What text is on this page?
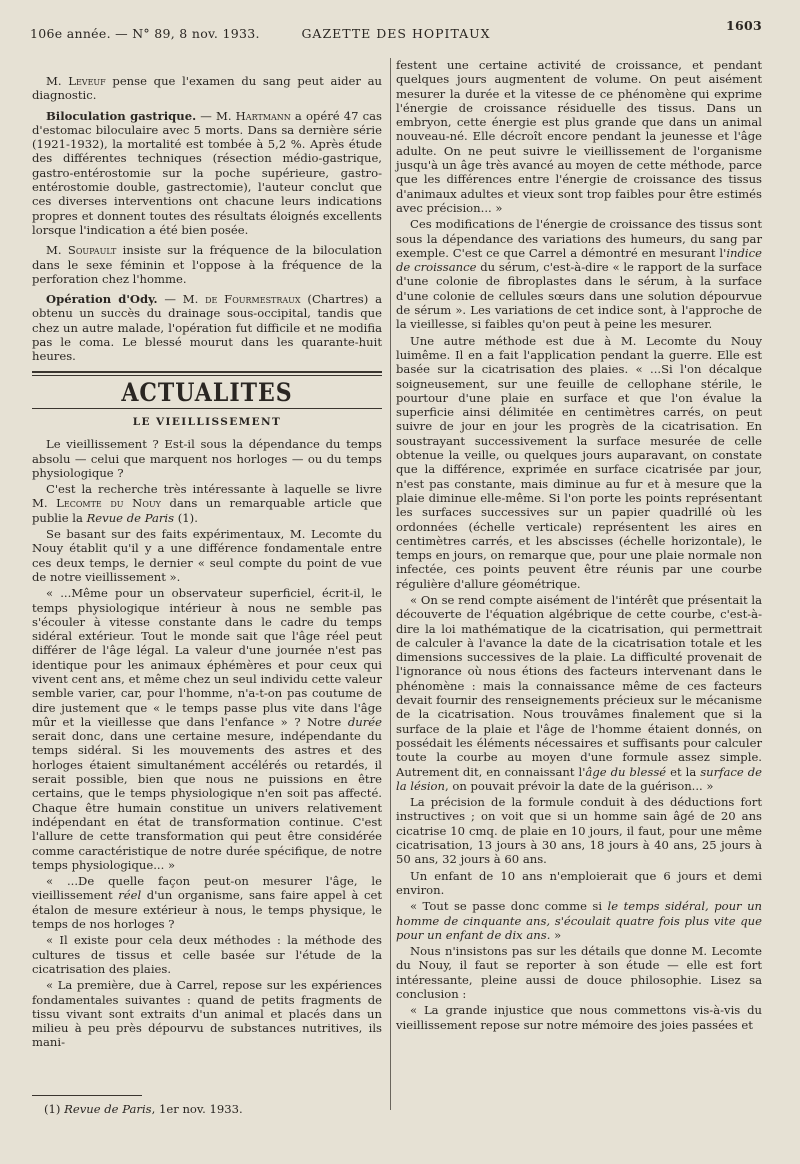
106e année. — N° 89, 8 nov. 1933.	GAZETTE DES HOPITAUX
1603

M. Leveuf pense que l'examen du sang peut aider au diagnostic.

Biloculation gastrique. — M. Hartmann a opéré 47 cas d'estomac biloculaire avec 5 morts. Dans sa dernière série (1921-1932), la mortalité est tombée à 5,2 %. Après étude des différentes techniques (résection médio-gastrique, gastro-entérostomie sur la poche supérieure, gastro-entérostomie double, gastrectomie), l'auteur conclut que ces diverses interventions ont chacune leurs indications propres et donnent toutes des résultats éloignés excellents lorsque l'indication a été bien posée.

M. Soupault insiste sur la fréquence de la biloculation dans le sexe féminin et l'oppose à la fréquence de la perforation chez l'homme.

Opération d'Ody. — M. de Fourmestraux (Chartres) a obtenu un succès du drainage sous-occipital, tandis que chez un autre malade, l'opération fut difficile et ne modifia pas le coma. Le blessé mourut dans les quarante-huit heures.

ACTUALITES
LE VIEILLISSEMENT

Le vieillissement ? Est-il sous la dépendance du temps absolu — celui que marquent nos horloges — ou du temps physiologique ?

C'est la recherche très intéressante à laquelle se livre M. Lecomte du Nouy dans un remarquable article que publie la Revue de Paris (1).

Se basant sur des faits expérimentaux, M. Lecomte du Nouy établit qu'il y a une différence fondamentale entre ces deux temps, le dernier « seul compte du point de vue de notre vieillissement ».

« ...Même pour un observateur superficiel, écrit-il, le temps physiologique intérieur à nous ne semble pas s'écouler à vitesse constante dans le cadre du temps sidéral extérieur. Tout le monde sait que l'âge réel peut différer de l'âge légal. La valeur d'une journée n'est pas identique pour les animaux éphémères et pour ceux qui vivent cent ans, et même chez un seul individu cette valeur semble varier, car, pour l'homme, n'a-t-on pas coutume de dire justement que « le temps passe plus vite dans l'âge mûr et la vieillesse que dans l'enfance » ? Notre durée serait donc, dans une certaine mesure, indépendante du temps sidéral. Si les mouvements des astres et des horloges étaient simultanément accélérés ou retardés, il serait possible, bien que nous ne puissions en être certains, que le temps physiologique n'en soit pas affecté. Chaque être humain constitue un univers relativement indépendant en état de transformation continue. C'est l'allure de cette transformation qui peut être considérée comme caractéristique de notre durée spécifique, de notre temps physiologique... »

« ...De quelle façon peut-on mesurer l'âge, le vieillissement réel d'un organisme, sans faire appel à cet étalon de mesure extérieur à nous, le temps physique, le temps de nos horloges ?

« Il existe pour cela deux méthodes : la méthode des cultures de tissus et celle basée sur l'étude de la cicatrisation des plaies.

« La première, due à Carrel, repose sur les expériences fondamentales suivantes : quand de petits fragments de tissu vivant sont extraits d'un animal et placés dans un milieu à peu près dépourvu de substances nutritives, ils mani-

festent une certaine activité de croissance, et pendant quelques jours augmentent de volume. On peut aisément mesurer la durée et la vitesse de ce phénomène qui exprime l'énergie de croissance résiduelle des tissus. Dans un embryon, cette énergie est plus grande que dans un animal nouveau-né. Elle décroît encore pendant la jeunesse et l'âge adulte. On ne peut suivre le vieillissement de l'organisme jusqu'à un âge très avancé au moyen de cette méthode, parce que les différences entre l'énergie de croissance des tissus d'animaux adultes et vieux sont trop faibles pour être estimés avec précision... »

Ces modifications de l'énergie de croissance des tissus sont sous la dépendance des variations des humeurs, du sang par exemple. C'est ce que Carrel a démontré en mesurant l'indice de croissance du sérum, c'est-à-dire « le rapport de la surface d'une colonie de fibroplastes dans le sérum, à la surface d'une colonie de cellules sœurs dans une solution dépourvue de sérum ». Les variations de cet indice sont, à l'approche de la vieillesse, si faibles qu'on peut à peine les mesurer.

Une autre méthode est due à M. Lecomte du Nouy luimême. Il en a fait l'application pendant la guerre. Elle est basée sur la cicatrisation des plaies. « ...Si l'on décalque soigneusement, sur une feuille de cellophane stérile, le pourtour d'une plaie en surface et que l'on évalue la superficie ainsi délimitée en centimètres carrés, on peut suivre de jour en jour les progrès de la cicatrisation. En soustrayant successivement la surface mesurée de celle obtenue la veille, ou quelques jours auparavant, on constate que la différence, exprimée en surface cicatrisée par jour, n'est pas constante, mais diminue au fur et à mesure que la plaie diminue elle-même. Si l'on porte les points représentant les surfaces successives sur un papier quadrillé où les ordonnées (échelle verticale) représentent les aires en centimètres carrés, et les abscisses (échelle horizontale), le temps en jours, on remarque que, pour une plaie normale non infectée, ces points peuvent être réunis par une courbe régulière d'allure géométrique.

« On se rend compte aisément de l'intérêt que présentait la découverte de l'équation algébrique de cette courbe, c'est-à-dire la loi mathématique de la cicatrisation, qui permettrait de calculer à l'avance la date de la cicatrisation totale et les dimensions successives de la plaie. La difficulté provenait de l'ignorance où nous étions des facteurs intervenant dans le phénomène : mais la connaissance même de ces facteurs devait fournir des renseignements précieux sur le mécanisme de la cicatrisation. Nous trouvâmes finalement que si la surface de la plaie et l'âge de l'homme étaient donnés, on possédait les éléments nécessaires et suffisants pour calculer toute la courbe au moyen d'une formule assez simple. Autrement dit, en connaissant l'âge du blessé et la surface de la lésion, on pouvait prévoir la date de la guérison... »

La précision de la formule conduit à des déductions fort instructives ; on voit que si un homme sain âgé de 20 ans cicatrise 10 cmq. de plaie en 10 jours, il faut, pour une même cicatrisation, 13 jours à 30 ans, 18 jours à 40 ans, 25 jours à 50 ans, 32 jours à 60 ans.

Un enfant de 10 ans n'emploierait que 6 jours et demi environ.

« Tout se passe donc comme si le temps sidéral, pour un homme de cinquante ans, s'écoulait quatre fois plus vite que pour un enfant de dix ans. »

Nous n'insistons pas sur les détails que donne M. Lecomte du Nouy, il faut se reporter à son étude — elle est fort intéressante, pleine aussi de douce philosophie. Lisez sa conclusion :

« La grande injustice que nous commettons vis-à-vis du vieillissement repose sur notre mémoire des joies passées et

(1) Revue de Paris, 1er nov. 1933.
